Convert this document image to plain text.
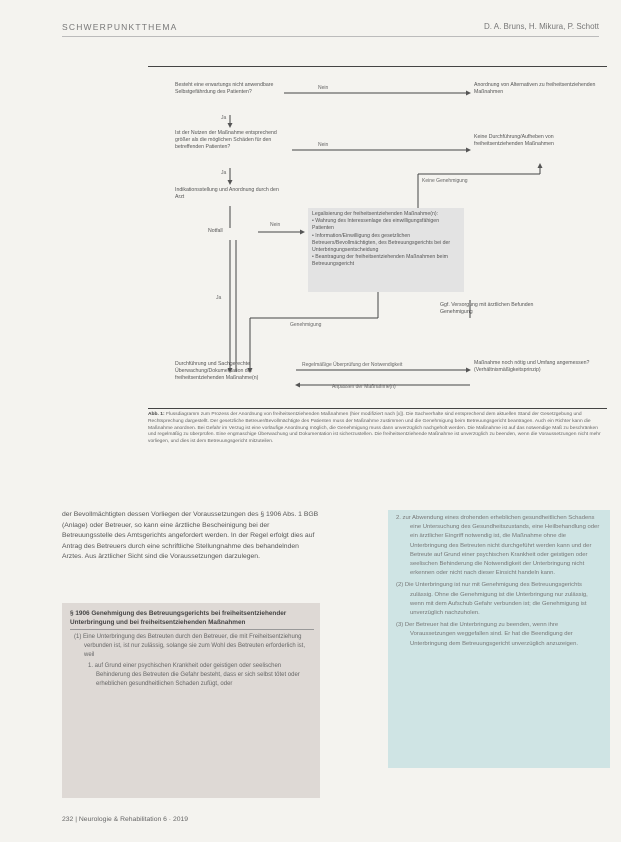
SCHWERPUNKTTHEMA	D. A. Bruns, H. Mikura, P. Schott
Besteht eine erwartungs nicht anwendbare Selbstgefährdung des Patienten?
Nein
Ja
Anordnung von Alternativen zu freiheitsentziehenden Maßnahmen
Ist der Nutzen der Maßnahme entsprechend größer als die möglichen Schäden für den betreffenden Patienten?	Nein
Ja
Keine Durchführung/Aufheben von freiheitsentziehenden Maßnahmen
Indikationsstellung und Anordnung durch den Arzt
Keine Genehmigung
Notfall
Nein
Legalisierung der freiheitsentziehenden Maßnahme(n):
• Wahrung des Interessenlage des einwilligungsfähigen Patienten
• Information/Einwilligung des gesetzlichen Betreuers/Bevollmächtigten, des Betreuungsgerichts bei der Unterbringungsentscheidung
• Beantragung der freiheitsentziehenden Maßnahmen beim Betreuungsgericht
Ja
Genehmigung
Ggf. Versorgung mit ärztlichen Befunden Genehmigung
Durchführung und Sachgerechte Überwachung/Dokumentation der freiheitsentziehenden Maßnahme(n)
Regelmäßige Überprüfung der Notwendigkeit	Maßnahme noch nötig und Umfang angemessen? (Verhältnismäßigkeitsprinzip)
Anpassen der Maßnahme(n)
Abb. 1: Flussdiagramm zum Prozess der Anordnung von freiheitsentziehenden Maßnahmen (hier modifiziert nach [x]). Die Sachverhalte sind entsprechend dem aktuellen Stand der Gesetzgebung und Rechtsprechung dargestellt. Der gesetzliche Betreuer/Bevollmächtigte des Patienten muss der Maßnahme zustimmen und die Genehmigung beim Betreuungsgericht beantragen. Auch ein Richter kann die Maßnahme anordnen. Bei Gefahr im Verzug ist eine vorläufige Anordnung möglich, die Genehmigung muss dann unverzüglich nachgeholt werden. Die Maßnahme ist auf das notwendige Maß zu beschränken und regelmäßig zu überprüfen. Eine engmaschige Überwachung und Dokumentation ist sicherzustellen. Die freiheitsentziehende Maßnahme ist unverzüglich zu beenden, wenn die Voraussetzungen nicht mehr vorliegen, und dies ist dem Betreuungsgericht mitzuteilen.
der Bevollmächtigten dessen Vorliegen der Voraussetzungen des § 1906 Abs. 1 BGB (Anlage) oder Betreuer, so kann eine ärztliche Bescheinigung bei der Betreuungsstelle des Amtsgerichts angefordert werden. In der Regel erfolgt dies auf Antrag des Betreuers durch eine schriftliche Stellungnahme des behandelnden Arztes. Aus ärztlicher Sicht sind die Voraussetzungen darzulegen.
§ 1906 Genehmigung des Betreuungsgerichts bei freiheitsentziehender Unterbringung und bei freiheitsentziehenden Maßnahmen
(1) Eine Unterbringung des Betreuten durch den Betreuer, die mit Freiheitsentziehung verbunden ist, ist nur zulässig, solange sie zum Wohl des Betreuten erforderlich ist, weil
1. auf Grund einer psychischen Krankheit oder geistigen oder seelischen Behinderung des Betreuten die Gefahr besteht, dass er sich selbst tötet oder erheblichen gesundheitlichen Schaden zufügt, oder
2. zur Abwendung eines drohenden erheblichen gesundheitlichen Schadens eine Untersuchung des Gesundheitszustands, eine Heilbehandlung oder ein ärztlicher Eingriff notwendig ist, die Maßnahme ohne die Unterbringung des Betreuten nicht durchgeführt werden kann und der Betreute auf Grund einer psychischen Krankheit oder geistigen oder seelischen Behinderung die Notwendigkeit der Unterbringung nicht erkennen oder nicht nach dieser Einsicht handeln kann.
(2) Die Unterbringung ist nur mit Genehmigung des Betreuungsgerichts zulässig. Ohne die Genehmigung ist die Unterbringung nur zulässig, wenn mit dem Aufschub Gefahr verbunden ist; die Genehmigung ist unverzüglich nachzuholen.
(3) Der Betreuer hat die Unterbringung zu beenden, wenn ihre Voraussetzungen weggefallen sind. Er hat die Beendigung der Unterbringung dem Betreuungsgericht unverzüglich anzuzeigen.
232 | Neurologie & Rehabilitation 6 · 2019
